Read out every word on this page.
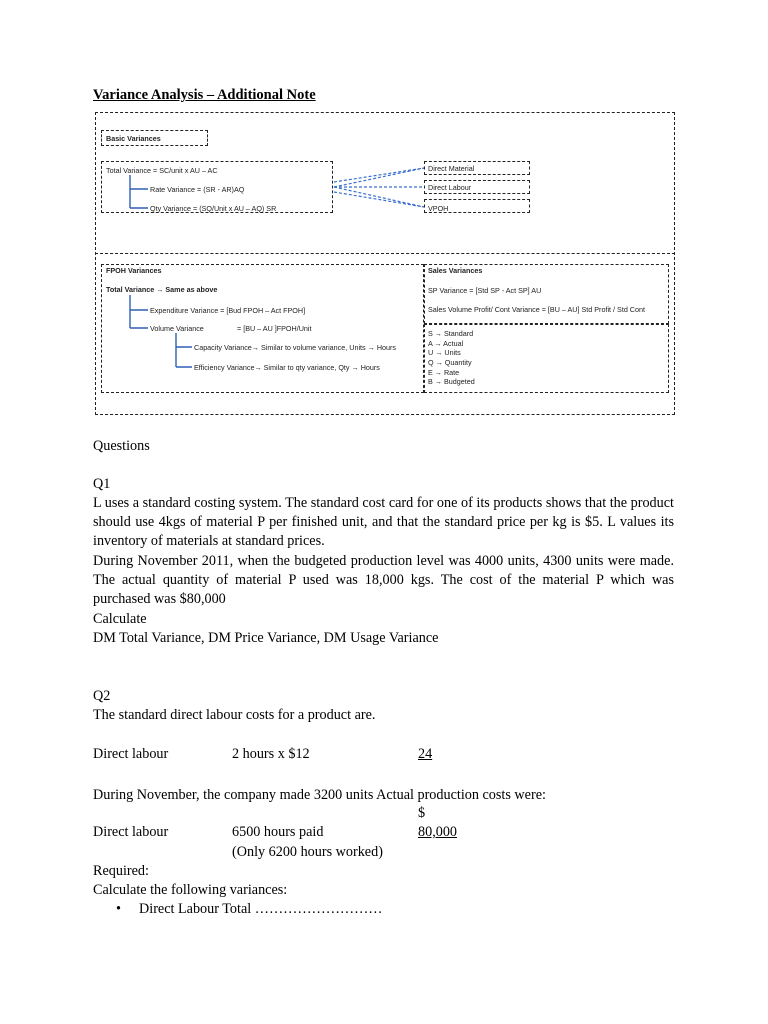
Variance Analysis – Additional Note
Basic Variances
Total Variance = SC/unit x AU – AC
Rate Variance = (SR - AR)AQ
Qty Variance = (SQ/Unit x AU – AQ) SR
Direct Material
Direct Labour
VPOH
FPOH Variances
Total Variance → Same as above
Expenditure Variance = [Bud FPOH – Act FPOH]
Volume Variance	= [BU – AU ]FPOH/Unit
Capacity Variance→ Similar to volume variance, Units → Hours
Efficiency Variance→ Similar to qty variance, Qty → Hours
Sales Variances
SP Variance = [Std SP - Act SP] AU
Sales Volume Profit/ Cont Variance = [BU – AU] Std Profit / Std Cont
S → Standard
A → Actual
U → Units
Q → Quantity
E → Rate
B → Budgeted
Questions
Q1
L uses a standard costing system. The standard cost card for one of its products shows that the product should use 4kgs of material P per finished unit, and that the standard price per kg is $5. L values its inventory of materials at standard prices.
During November 2011, when the budgeted production level was 4000 units, 4300 units were made. The actual quantity of material P used was 18,000 kgs. The cost of the material P which was purchased was $80,000
Calculate
DM Total Variance, DM Price Variance, DM Usage Variance
Q2
The standard direct labour costs for a product are.
Direct labour	2 hours x $12	24
During November, the company made 3200 units Actual production costs were:
$
Direct labour	6500 hours paid	80,000
(Only 6200 hours worked)
Required:
Calculate the following variances:
• Direct Labour Total ………………………
